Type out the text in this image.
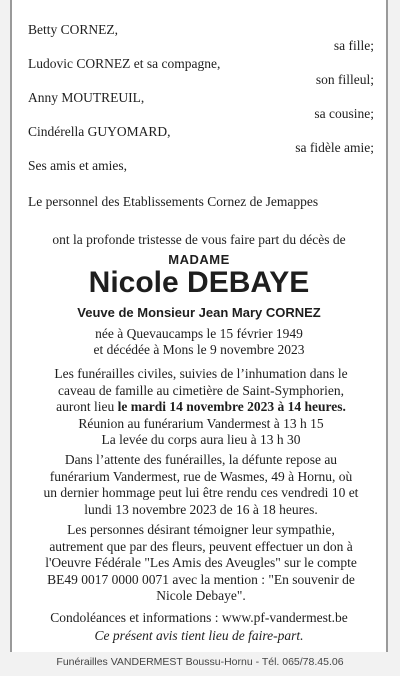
Betty CORNEZ,
sa fille;
Ludovic CORNEZ et sa compagne,
son filleul;
Anny MOUTREUIL,
sa cousine;
Cindérella GUYOMARD,
sa fidèle amie;
Ses amis et amies,
Le personnel des Etablissements Cornez de Jemappes
ont la profonde tristesse de vous faire part du décès de
MADAME
Nicole DEBAYE
Veuve de Monsieur Jean Mary CORNEZ
née à Quevaucamps le 15 février 1949
et décédée à Mons le 9 novembre 2023
Les funérailles civiles, suivies de l’inhumation dans le
caveau de famille au cimetière de Saint-Symphorien,
auront lieu le mardi 14 novembre 2023 à 14 heures.
Réunion au funérarium Vandermest à 13 h 15
La levée du corps aura lieu à 13 h 30
Dans l’attente des funérailles, la défunte repose au
funérarium Vandermest, rue de Wasmes, 49 à Hornu, où
un dernier hommage peut lui être rendu ces vendredi 10 et
lundi 13 novembre 2023 de 16 à 18 heures.
Les personnes désirant témoigner leur sympathie,
autrement que par des fleurs, peuvent effectuer un don à
l'Oeuvre Fédérale "Les Amis des Aveugles" sur le compte
BE49 0017 0000 0071 avec la mention : "En souvenir de
Nicole Debaye".
Condoléances et informations : www.pf-vandermest.be
Ce présent avis tient lieu de faire-part.
Funérailles VANDERMEST Boussu-Hornu - Tél. 065/78.45.06
